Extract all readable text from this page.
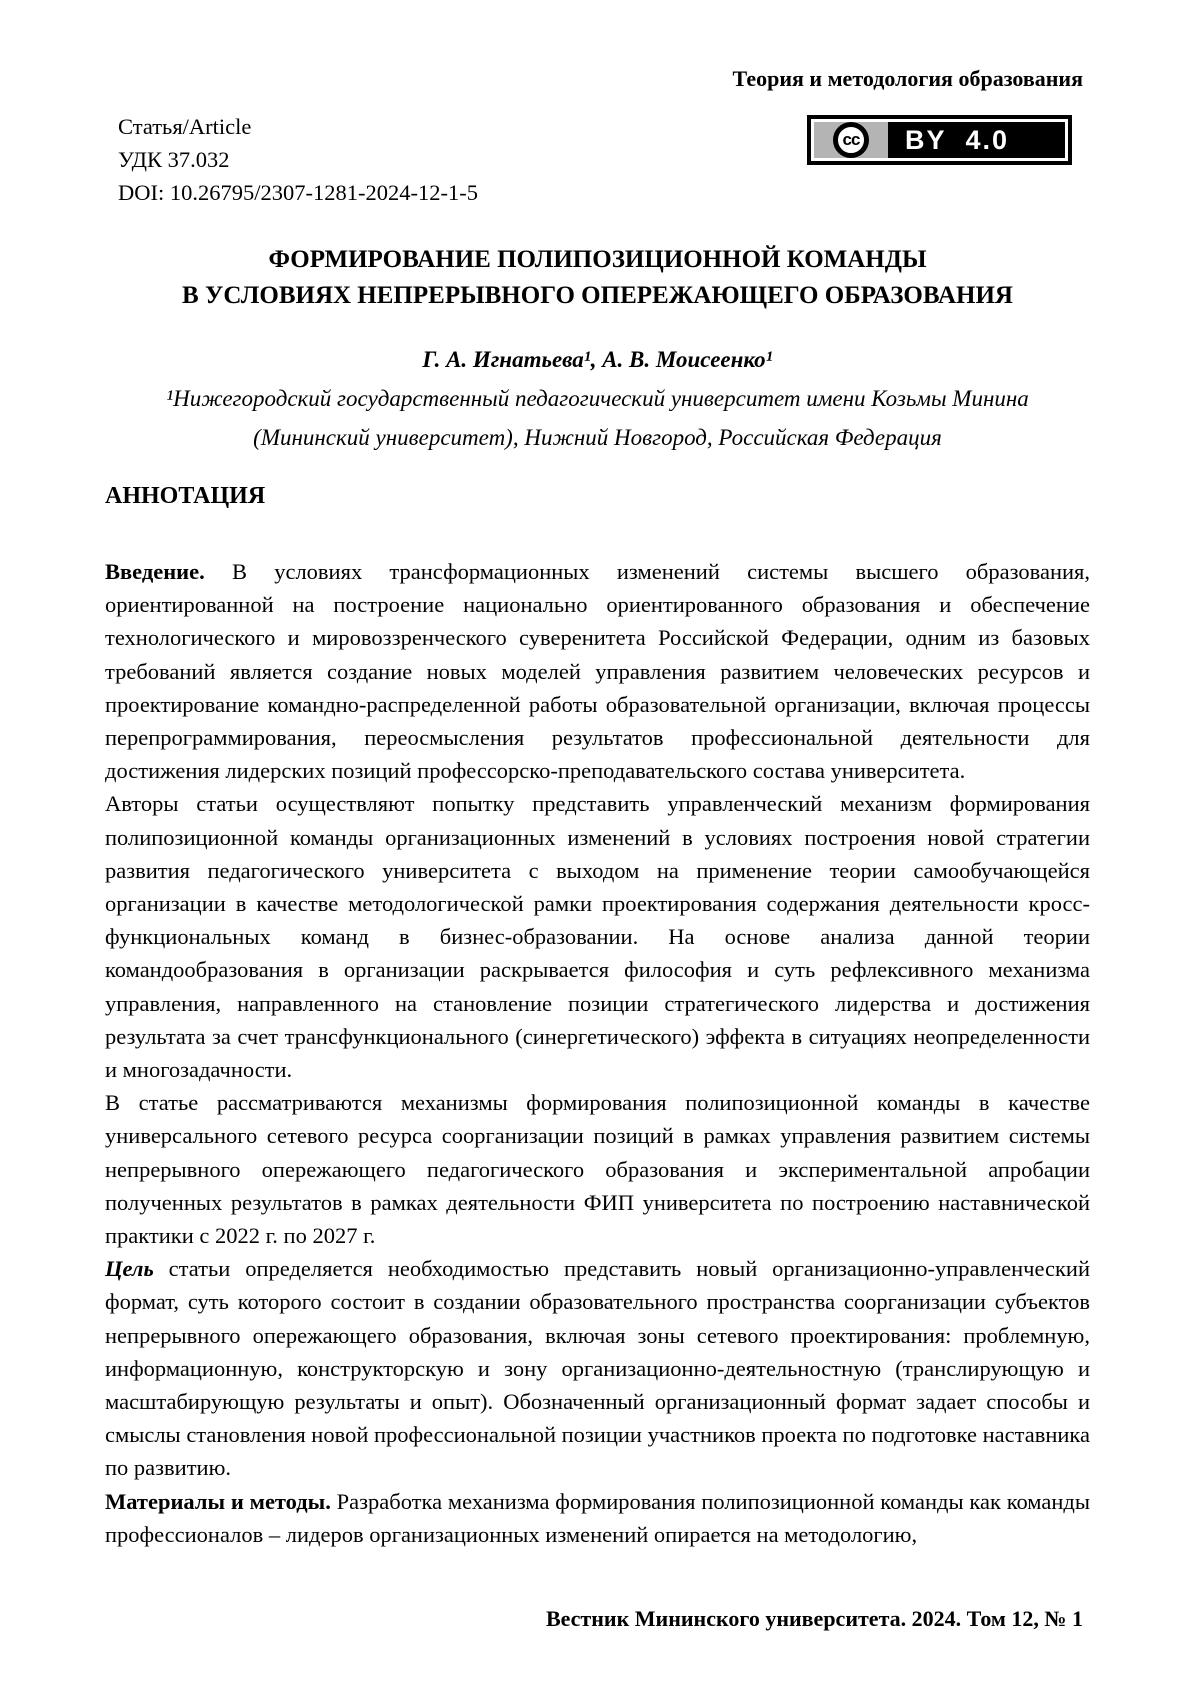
Теория и методология образования
Статья/Article
УДК 37.032
DOI: 10.26795/2307-1281-2024-12-1-5
cc BY 4.0
ФОРМИРОВАНИЕ ПОЛИПОЗИЦИОННОЙ КОМАНДЫ
В УСЛОВИЯХ НЕПРЕРЫВНОГО ОПЕРЕЖАЮЩЕГО ОБРАЗОВАНИЯ
Г. А. Игнатьева¹, А. В. Моисеенко¹
¹Нижегородский государственный педагогический университет имени Козьмы Минина
(Мининский университет), Нижний Новгород, Российская Федерация
АННОТАЦИЯ

Введение. В условиях трансформационных изменений системы высшего образования, ориентированной на построение национально ориентированного образования и обеспечение технологического и мировоззренческого суверенитета Российской Федерации, одним из базовых требований является создание новых моделей управления развитием человеческих ресурсов и проектирование командно-распределенной работы образовательной организации, включая процессы перепрограммирования, переосмысления результатов профессиональной деятельности для достижения лидерских позиций профессорско-преподавательского состава университета.

Авторы статьи осуществляют попытку представить управленческий механизм формирования полипозиционной команды организационных изменений в условиях построения новой стратегии развития педагогического университета с выходом на применение теории самообучающейся организации в качестве методологической рамки проектирования содержания деятельности кросс-функциональных команд в бизнес-образовании. На основе анализа данной теории командообразования в организации раскрывается философия и суть рефлексивного механизма управления, направленного на становление позиции стратегического лидерства и достижения результата за счет трансфункционального (синергетического) эффекта в ситуациях неопределенности и многозадачности.

В статье рассматриваются механизмы формирования полипозиционной команды в качестве универсального сетевого ресурса соорганизации позиций в рамках управления развитием системы непрерывного опережающего педагогического образования и экспериментальной апробации полученных результатов в рамках деятельности ФИП университета по построению наставнической практики с 2022 г. по 2027 г.

Цель статьи определяется необходимостью представить новый организационно-управленческий формат, суть которого состоит в создании образовательного пространства соорганизации субъектов непрерывного опережающего образования, включая зоны сетевого проектирования: проблемную, информационную, конструкторскую и зону организационно-деятельностную (транслирующую и масштабирующую результаты и опыт). Обозначенный организационный формат задает способы и смыслы становления новой профессиональной позиции участников проекта по подготовке наставника по развитию.

Материалы и методы. Разработка механизма формирования полипозиционной команды как команды профессионалов – лидеров организационных изменений опирается на методологию,

Вестник Мининского университета. 2024. Том 12, № 1
